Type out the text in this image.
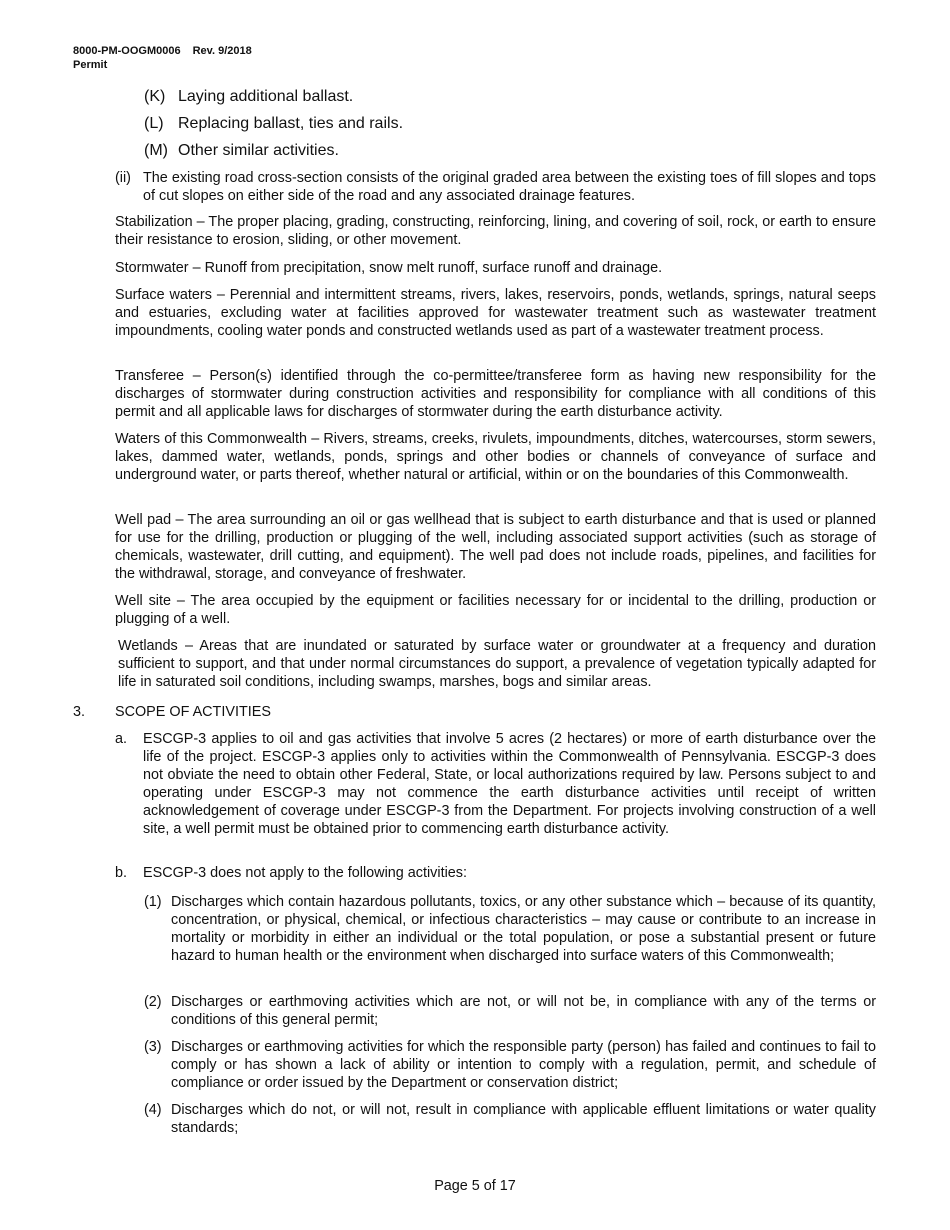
8000-PM-OOGM0006 Rev. 9/2018
Permit
(K) Laying additional ballast.
(L) Replacing ballast, ties and rails.
(M) Other similar activities.
(ii) The existing road cross-section consists of the original graded area between the existing toes of fill slopes and tops of cut slopes on either side of the road and any associated drainage features.

Stabilization – The proper placing, grading, constructing, reinforcing, lining, and covering of soil, rock, or earth to ensure their resistance to erosion, sliding, or other movement.

Stormwater – Runoff from precipitation, snow melt runoff, surface runoff and drainage.

Surface waters – Perennial and intermittent streams, rivers, lakes, reservoirs, ponds, wetlands, springs, natural seeps and estuaries, excluding water at facilities approved for wastewater treatment such as wastewater treatment impoundments, cooling water ponds and constructed wetlands used as part of a wastewater treatment process.

Transferee – Person(s) identified through the co-permittee/transferee form as having new responsibility for the discharges of stormwater during construction activities and responsibility for compliance with all conditions of this permit and all applicable laws for discharges of stormwater during the earth disturbance activity.

Waters of this Commonwealth – Rivers, streams, creeks, rivulets, impoundments, ditches, watercourses, storm sewers, lakes, dammed water, wetlands, ponds, springs and other bodies or channels of conveyance of surface and underground water, or parts thereof, whether natural or artificial, within or on the boundaries of this Commonwealth.

Well pad – The area surrounding an oil or gas wellhead that is subject to earth disturbance and that is used or planned for use for the drilling, production or plugging of the well, including associated support activities (such as storage of chemicals, wastewater, drill cutting, and equipment). The well pad does not include roads, pipelines, and facilities for the withdrawal, storage, and conveyance of freshwater.

Well site – The area occupied by the equipment or facilities necessary for or incidental to the drilling, production or plugging of a well.

Wetlands – Areas that are inundated or saturated by surface water or groundwater at a frequency and duration sufficient to support, and that under normal circumstances do support, a prevalence of vegetation typically adapted for life in saturated soil conditions, including swamps, marshes, bogs and similar areas.

3. SCOPE OF ACTIVITIES
a. ESCGP-3 applies to oil and gas activities that involve 5 acres (2 hectares) or more of earth disturbance over the life of the project. ESCGP-3 applies only to activities within the Commonwealth of Pennsylvania. ESCGP-3 does not obviate the need to obtain other Federal, State, or local authorizations required by law. Persons subject to and operating under ESCGP-3 may not commence the earth disturbance activities until receipt of written acknowledgement of coverage under ESCGP-3 from the Department. For projects involving construction of a well site, a well permit must be obtained prior to commencing earth disturbance activity.

b. ESCGP-3 does not apply to the following activities:

(1) Discharges which contain hazardous pollutants, toxics, or any other substance which – because of its quantity, concentration, or physical, chemical, or infectious characteristics – may cause or contribute to an increase in mortality or morbidity in either an individual or the total population, or pose a substantial present or future hazard to human health or the environment when discharged into surface waters of this Commonwealth;

(2) Discharges or earthmoving activities which are not, or will not be, in compliance with any of the terms or conditions of this general permit;

(3) Discharges or earthmoving activities for which the responsible party (person) has failed and continues to fail to comply or has shown a lack of ability or intention to comply with a regulation, permit, and schedule of compliance or order issued by the Department or conservation district;

(4) Discharges which do not, or will not, result in compliance with applicable effluent limitations or water quality standards;

Page 5 of 17
